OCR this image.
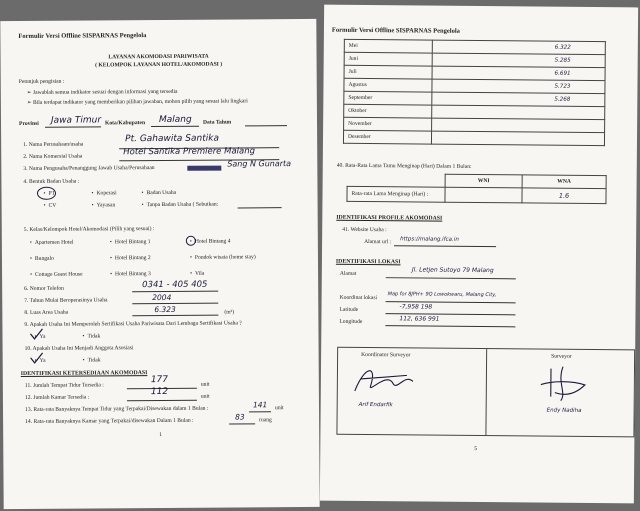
Formulir Versi Offline SISPARNAS Pengelola
LAYANAN AKOMODASI PARIWISATA
( KELOMPOK LAYANAN HOTEL/AKOMODASI )
Petunjuk pengisian :
➢ Jawablah semua indikator sesuai dengan informasi yang tersedia
➢ Bila terdapat indikator yang memberikan pilihan jawaban, mohon pilih yang sesuai lalu lingkari
Provinsi Jawa Timur Kota/Kabupaten Malang Data Tahun
1. Nama Perusahaan/usaha
Pt. Gahawita Santika
2. Nama Komersial Usaha	Hotel Santika Premiere Malang
3. Nama Pengusaha/Penanggung Jawab Usaha/Perusahaan	Sang N Gunarta
4. Bentuk Badan Usaha :
• PT	• Koperasi	• Badan Usaha
• CV	• Yayasan	• Tanpa Badan Usaha ( Sebutkan:
5. Kelas/Kelompok Hotel/Akomodasi (Pilih yang sesuai) :
• Apartemen Hotel	• Hotel Bintang 1	• Hotel Bintang 4
• Bungalo	• Hotel Bintang 2	• Pondok wisata (home stay)
• Cottage Guest House	• Hotel Bintang 3	• Vila
6. Nomor Telefon	0341 - 405 405
7. Tahun Mulai Beroperasinya Usaha	2004
8. Luas Area Usaha	6.323	(m²)
9. Apakah Usaha Ini Memperoleh Sertifikasi Usaha Pariwisata Dari Lembaga Sertifikasi Usaha ?
• Ya	• Tidak
10. Apakah Usaha Ini Menjadi Anggota Asosiasi
• Ya	• Tidak
IDENTIFIKASI KETERSEDIAAN AKOMODASI
11. Jumlah Tempat Tidur Tersedia :
177	unit
12. Jumlah Kamar Tersedia :
112	unit
13. Rata-rata Banyaknya Tempat Tidur yang Terpakai/Disewakan dalam 1 Bulan :	141 unit
14. Rata-rata Banyaknya Kamar yang Terpakai/disewakan Dalam 1 Bulan :	83	ruang
1
Formulir Versi Offline SISPARNAS Pengelola
Mei	6.322
Juni	5.285
Juli	6.691
Agustus	5.723
September	5.268
Oktober	
November	
Desember	
40. Rata-Rata Lama Tamu Menginap (Hari) Dalam 1 Bulan:
	WNI	WNA
Rata-rata Lama Menginap (Hari) :		1.6
IDENTIFIKASI PROFILE AKOMODASI
41. Website Usaha :
Alamat url : https://malang.ifca.in
IDENTIFIKASI LOKASI
Alamat	Jl. Letjen Sutoyo 79 Malang
Koordinat lokasi Map for 8JPH+ 9Q Lowokwaru, Malang City,
Latitude	-7,958 198
Longitude	112, 636 991
Koordinator Surveyor
Arif Endarfik
Surveyor
Endy Nadiha
5
